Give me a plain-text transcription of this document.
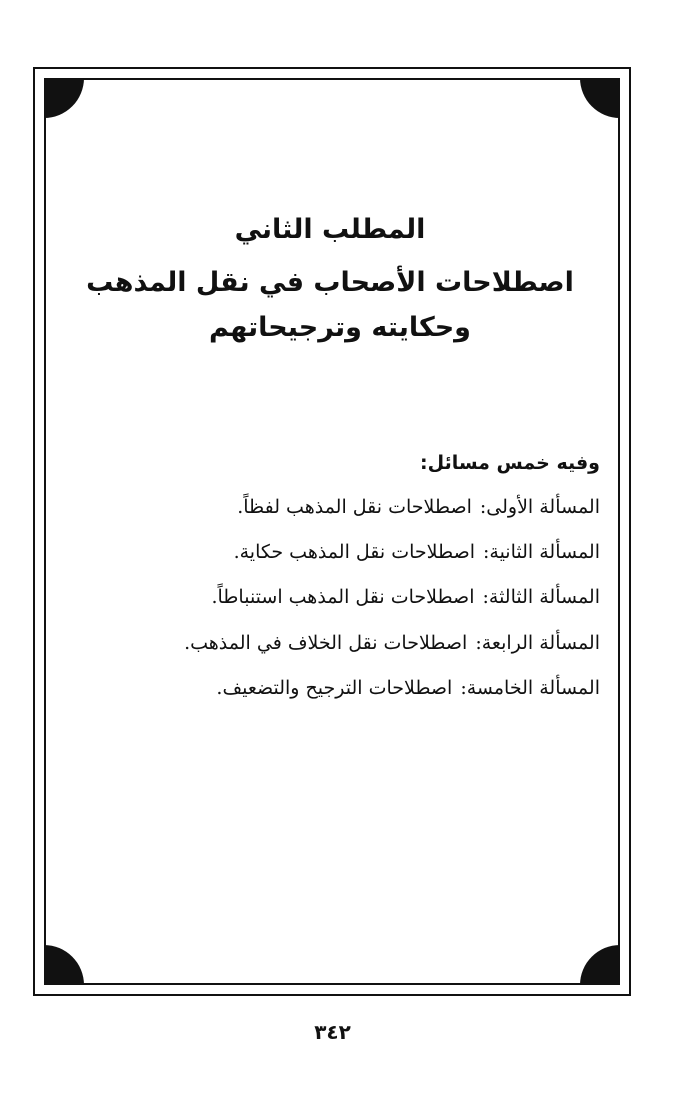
المطلب الثاني
اصطلاحات الأصحاب في نقل المذهب
وحكايته وترجيحاتهم
وفيه خمس مسائل:
المسألة الأولى:اصطلاحات نقل المذهب لفظاً.
المسألة الثانية:اصطلاحات نقل المذهب حكاية.
المسألة الثالثة:اصطلاحات نقل المذهب استنباطاً.
المسألة الرابعة:اصطلاحات نقل الخلاف في المذهب.
المسألة الخامسة:اصطلاحات الترجيح والتضعيف.
٣٤٢
